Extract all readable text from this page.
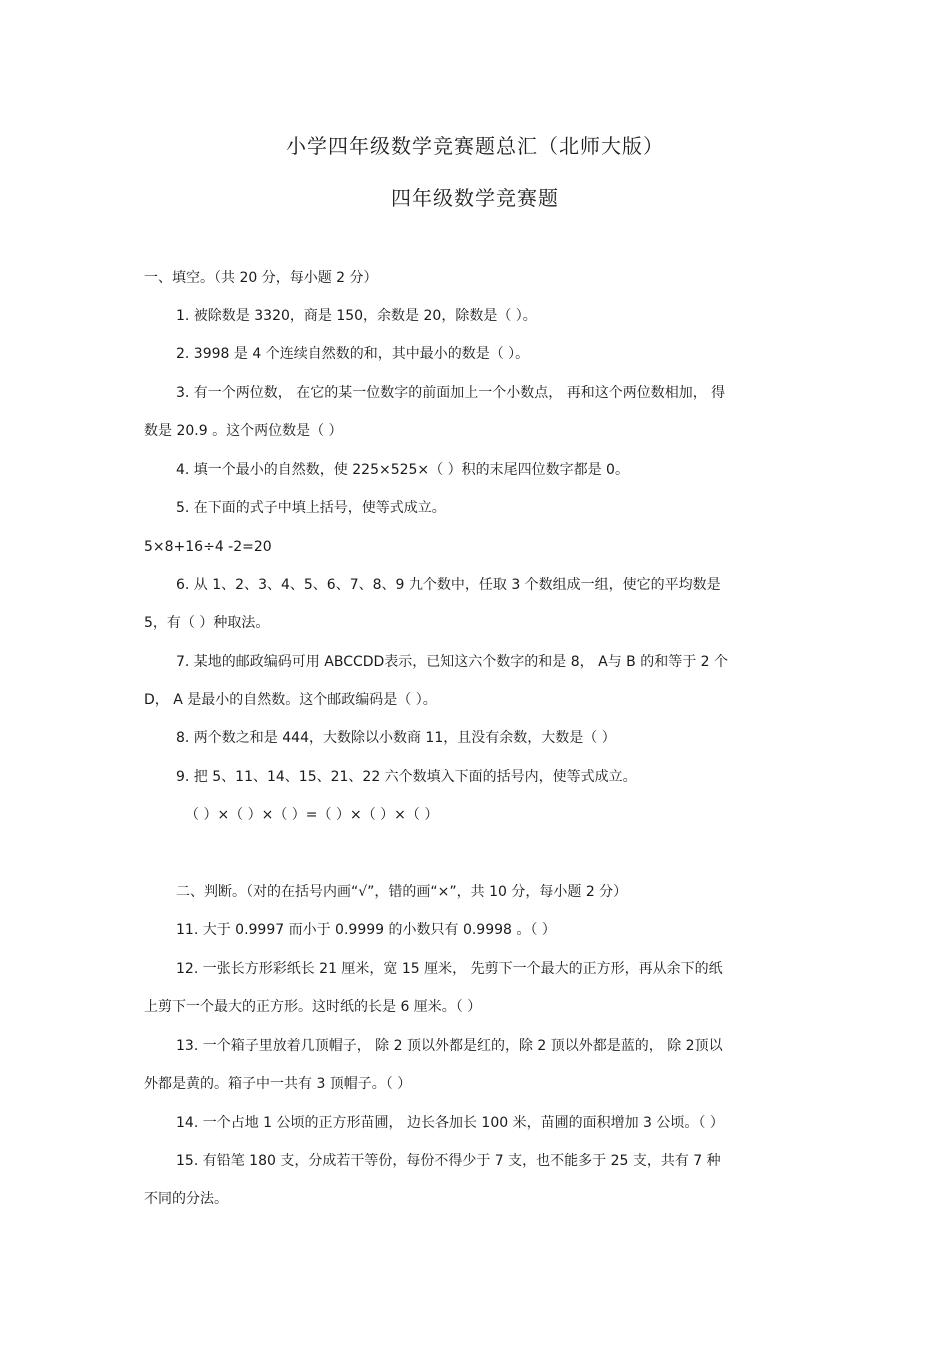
小学四年级数学竞赛题总汇（北师大版）
四年级数学竞赛题
一、填空。（共 20 分，每小题 2 分）
1. 被除数是 3320，商是 150，余数是 20，除数是（ ）。
2. 3998 是 4 个连续自然数的和，其中最小的数是（ ）。
3. 有一个两位数， 在它的某一位数字的前面加上一个小数点， 再和这个两位数相加， 得
数是 20.9 。这个两位数是（ ）
4. 填一个最小的自然数，使 225×525×（ ）积的末尾四位数字都是 0。
5. 在下面的式子中填上括号，使等式成立。
5×8+16÷4 -2=20
6. 从 1、2、3、4、5、6、7、8、9 九个数中，任取 3 个数组成一组，使它的平均数是
5，有（ ）种取法。
7. 某地的邮政编码可用 ABCCDD表示，已知这六个数字的和是 8， A与 B 的和等于 2 个
D， A 是最小的自然数。这个邮政编码是（ ）。
8. 两个数之和是 444，大数除以小数商 11，且没有余数，大数是（ ）
9. 把 5、11、14、15、21、22 六个数填入下面的括号内，使等式成立。
（ ）×（ ）×（ ）=（ ）×（ ）×（ ）
二、判断。（对的在括号内画“√”，错的画“×”，共 10 分，每小题 2 分）
11. 大于 0.9997 而小于 0.9999 的小数只有 0.9998 。（ ）
12. 一张长方形彩纸长 21 厘米，宽 15 厘米， 先剪下一个最大的正方形，再从余下的纸
上剪下一个最大的正方形。这时纸的长是 6 厘米。（ ）
13. 一个箱子里放着几顶帽子， 除 2 顶以外都是红的，除 2 顶以外都是蓝的， 除 2顶以
外都是黄的。箱子中一共有 3 顶帽子。（ ）
14. 一个占地 1 公顷的正方形苗圃， 边长各加长 100 米，苗圃的面积增加 3 公顷。（ ）
15. 有铅笔 180 支，分成若干等份，每份不得少于 7 支，也不能多于 25 支，共有 7 种
不同的分法。
